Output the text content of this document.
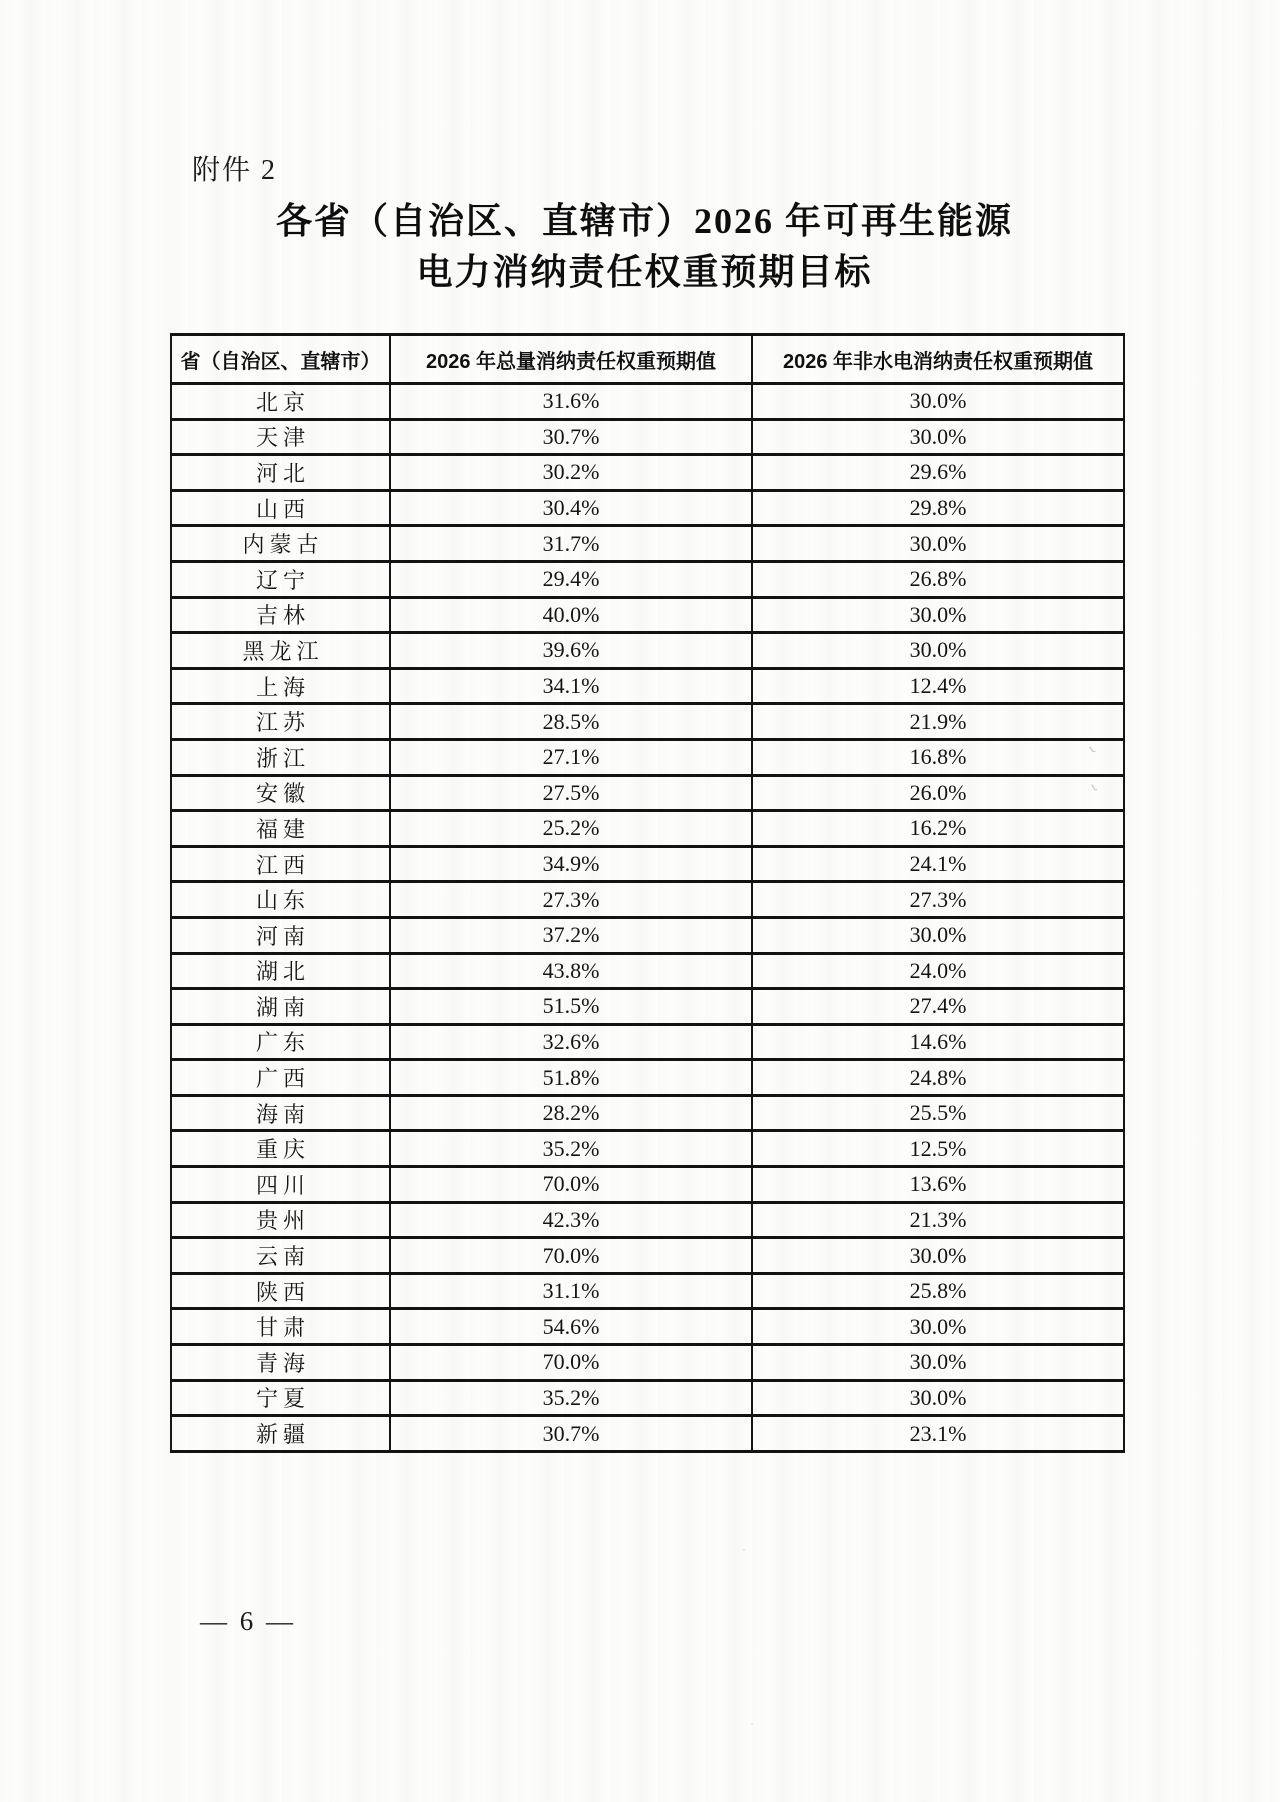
附件 2
各省（自治区、直辖市）2026 年可再生能源
电力消纳责任权重预期目标
省（自治区、直辖市）	2026 年总量消纳责任权重预期值	2026 年非水电消纳责任权重预期值
北京	31.6%	30.0%
天津	30.7%	30.0%
河北	30.2%	29.6%
山西	30.4%	29.8%
内蒙古	31.7%	30.0%
辽宁	29.4%	26.8%
吉林	40.0%	30.0%
黑龙江	39.6%	30.0%
上海	34.1%	12.4%
江苏	28.5%	21.9%
浙江	27.1%	16.8%
安徽	27.5%	26.0%
福建	25.2%	16.2%
江西	34.9%	24.1%
山东	27.3%	27.3%
河南	37.2%	30.0%
湖北	43.8%	24.0%
湖南	51.5%	27.4%
广东	32.6%	14.6%
广西	51.8%	24.8%
海南	28.2%	25.5%
重庆	35.2%	12.5%
四川	70.0%	13.6%
贵州	42.3%	21.3%
云南	70.0%	30.0%
陕西	31.1%	25.8%
甘肃	54.6%	30.0%
青海	70.0%	30.0%
宁夏	35.2%	30.0%
新疆	30.7%	23.1%
— 6 —
ι
ι
·
·
